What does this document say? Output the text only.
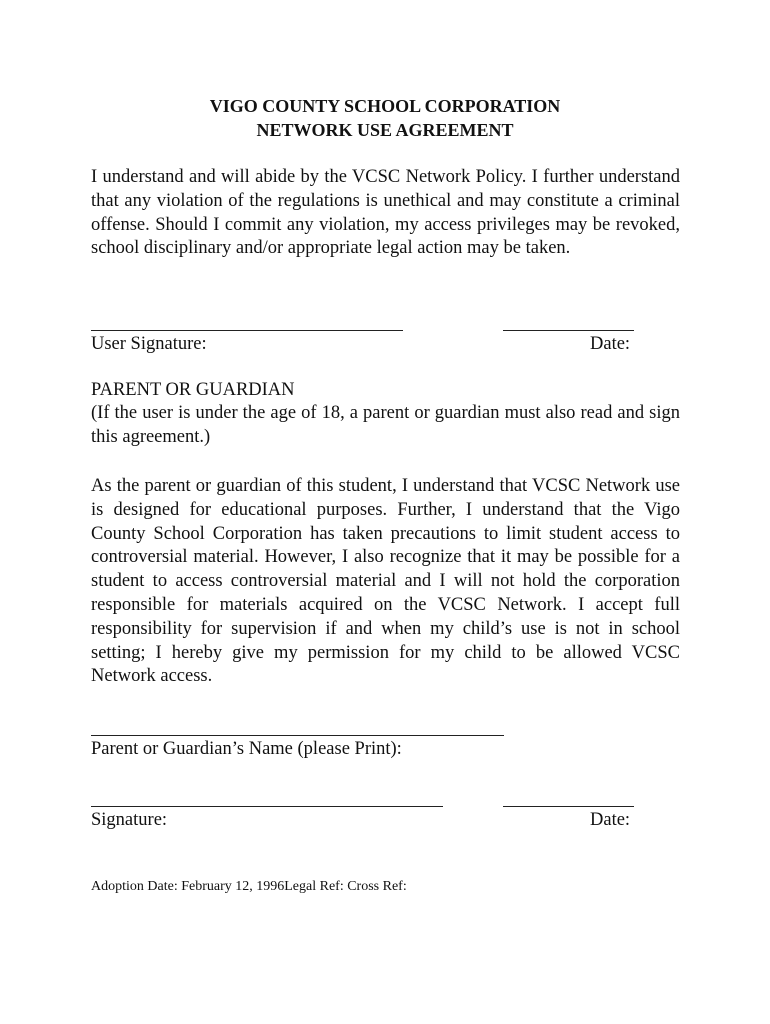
VIGO COUNTY SCHOOL CORPORATION
NETWORK USE AGREEMENT
I understand and will abide by the VCSC Network Policy. I further understand that any violation of the regulations is unethical and may constitute a criminal offense. Should I commit any violation, my access privileges may be revoked, school disciplinary and/or appropriate legal action may be taken.
User Signature:	Date:
PARENT OR GUARDIAN
(If the user is under the age of 18, a parent or guardian must also read and sign this agreement.)
As the parent or guardian of this student, I understand that VCSC Network use is designed for educational purposes. Further, I understand that the Vigo County School Corporation has taken precautions to limit student access to controversial material. However, I also recognize that it may be possible for a student to access controversial material and I will not hold the corporation responsible for materials acquired on the VCSC Network. I accept full responsibility for supervision if and when my child’s use is not in school setting; I hereby give my permission for my child to be allowed VCSC Network access.
Parent or Guardian’s Name (please Print):
Signature:	Date:
Adoption Date: February 12, 1996Legal Ref: Cross Ref:
